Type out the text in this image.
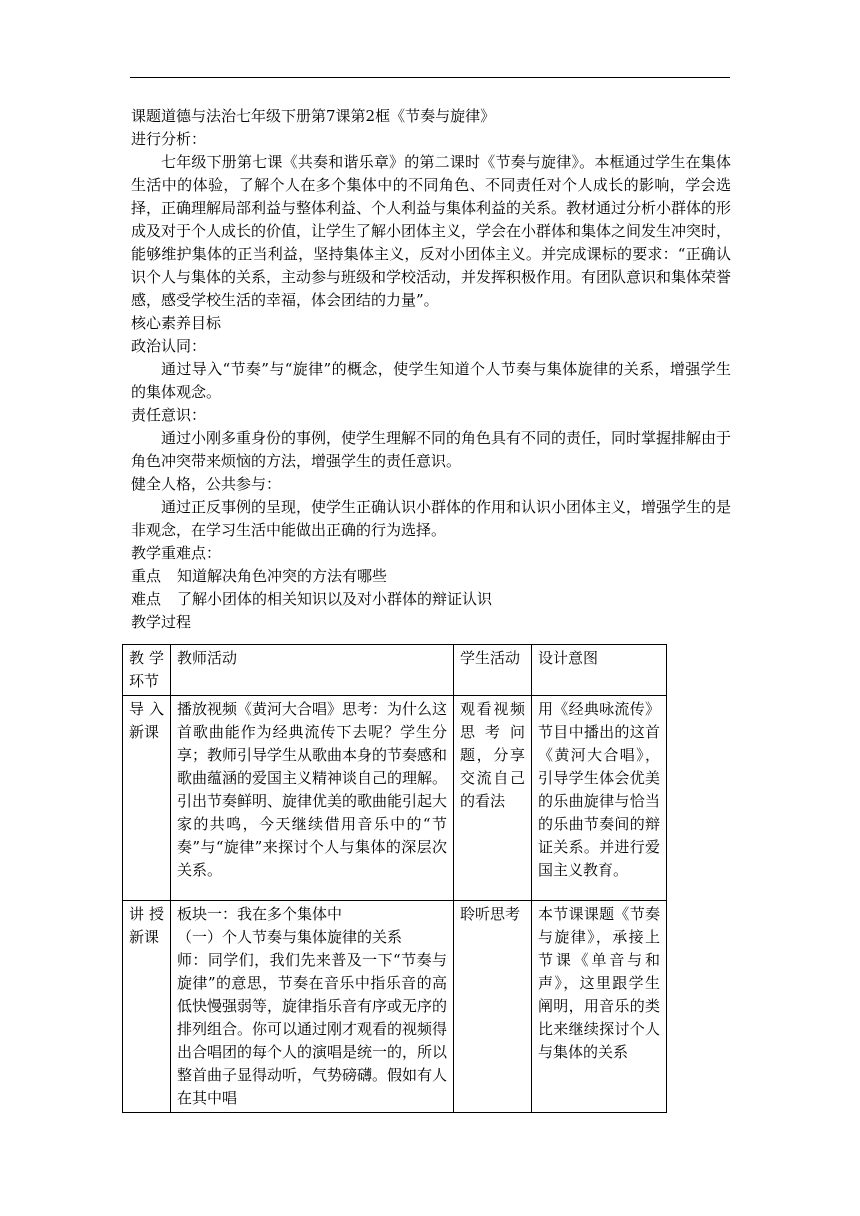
课题道德与法治七年级下册第7课第2框《节奏与旋律》
进行分析：
七年级下册第七课《共奏和谐乐章》的第二课时《节奏与旋律》。本框通过学生在集体生活中的体验，了解个人在多个集体中的不同角色、不同责任对个人成长的影响，学会选择，正确理解局部利益与整体利益、个人利益与集体利益的关系。教材通过分析小群体的形成及对于个人成长的价值，让学生了解小团体主义，学会在小群体和集体之间发生冲突时，能够维护集体的正当利益，坚持集体主义，反对小团体主义。并完成课标的要求：“正确认识个人与集体的关系，主动参与班级和学校活动，并发挥积极作用。有团队意识和集体荣誉感，感受学校生活的幸福，体会团结的力量”。
核心素养目标
政治认同：
通过导入“节奏”与“旋律”的概念，使学生知道个人节奏与集体旋律的关系，增强学生的集体观念。
责任意识：
通过小刚多重身份的事例，使学生理解不同的角色具有不同的责任，同时掌握排解由于角色冲突带来烦恼的方法，增强学生的责任意识。
健全人格，公共参与：
通过正反事例的呈现，使学生正确认识小群体的作用和认识小团体主义，增强学生的是非观念，在学习生活中能做出正确的行为选择。
教学重难点：
重点 知道解决角色冲突的方法有哪些
难点 了解小团体的相关知识以及对小群体的辩证认识
教学过程
教学环节	教师活动	学生活动	设计意图
导入新课	播放视频《黄河大合唱》思考：为什么这首歌曲能作为经典流传下去呢？学生分享；教师引导学生从歌曲本身的节奏感和歌曲蕴涵的爱国主义精神谈自己的理解。引出节奏鲜明、旋律优美的歌曲能引起大家的共鸣，今天继续借用音乐中的“节奏”与“旋律”来探讨个人与集体的深层次关系。	观看视频思考问题，分享交流自己的看法	用《经典咏流传》节目中播出的这首《黄河大合唱》，引导学生体会优美的乐曲旋律与恰当的乐曲节奏间的辩证关系。并进行爱国主义教育。
讲授新课	板块一：我在多个集体中
（一）个人节奏与集体旋律的关系
师：同学们，我们先来普及一下“节奏与旋律”的意思，节奏在音乐中指乐音的高低快慢强弱等，旋律指乐音有序或无序的排列组合。你可以通过刚才观看的视频得出合唱团的每个人的演唱是统一的，所以整首曲子显得动听，气势磅礴。假如有人在其中唱	聆听思考	本节课课题《节奏与旋律》，承接上节课《单音与和声》，这里跟学生阐明，用音乐的类比来继续探讨个人与集体的关系
